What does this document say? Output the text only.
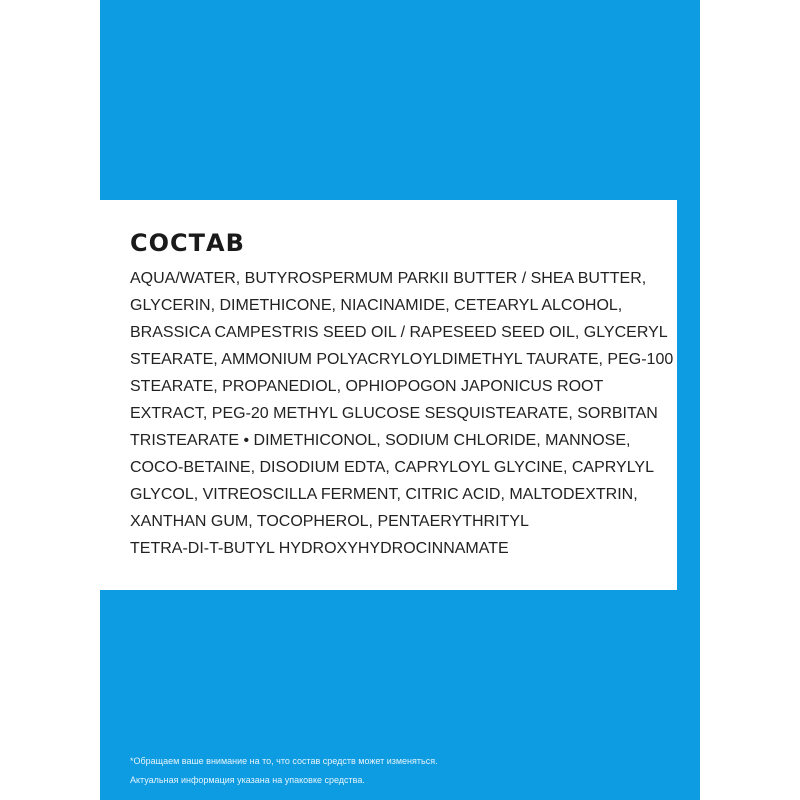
*Обращаем ваше внимание на то, что состав средств может изменяться.
Актуальная информация указана на упаковке средства.
СОСТАВ

AQUA/WATER, BUTYROSPERMUM PARKII BUTTER / SHEA BUTTER,
GLYCERIN, DIMETHICONE, NIACINAMIDE, CETEARYL ALCOHOL,
BRASSICA CAMPESTRIS SEED OIL / RAPESEED SEED OIL, GLYCERYL
STEARATE, AMMONIUM POLYACRYLOYLDIMETHYL TAURATE, PEG-100
STEARATE, PROPANEDIOL, OPHIOPOGON JAPONICUS ROOT
EXTRACT, PEG-20 METHYL GLUCOSE SESQUISTEARATE, SORBITAN
TRISTEARATE • DIMETHICONOL, SODIUM CHLORIDE, MANNOSE,
COCO-BETAINE, DISODIUM EDTA, CAPRYLOYL GLYCINE, CAPRYLYL
GLYCOL, VITREOSCILLA FERMENT, CITRIC ACID, MALTODEXTRIN,
XANTHAN GUM, TOCOPHEROL, PENTAERYTHRITYL
TETRA-DI-T-BUTYL HYDROXYHYDROCINNAMATE
